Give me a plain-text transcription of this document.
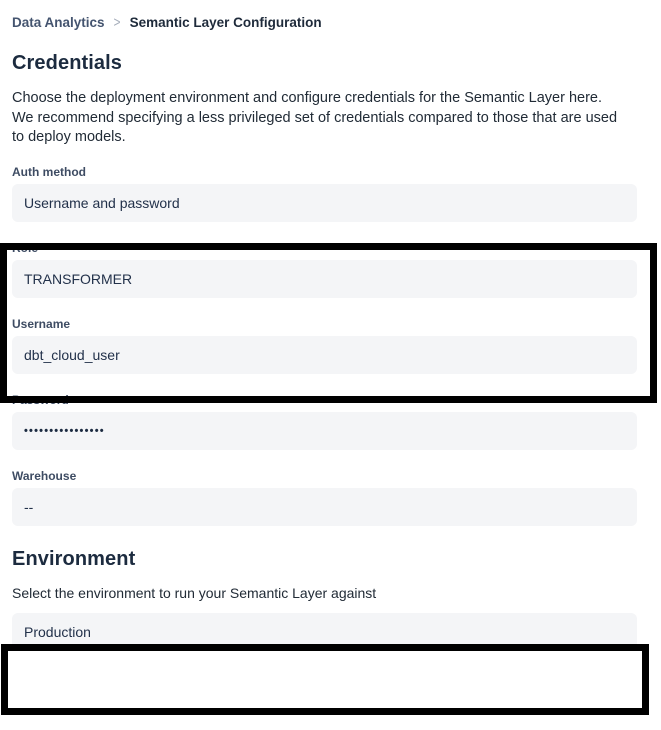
Data Analytics > Semantic Layer Configuration
Credentials

Choose the deployment environment and configure credentials for the Semantic Layer here. We recommend specifying a less privileged set of credentials compared to those that are used to deploy models.

Auth method
Username and password
Role
TRANSFORMER
Username
dbt_cloud_user
Password
••••••••••••••••
Warehouse
--
Environment

Select the environment to run your Semantic Layer against

Production
